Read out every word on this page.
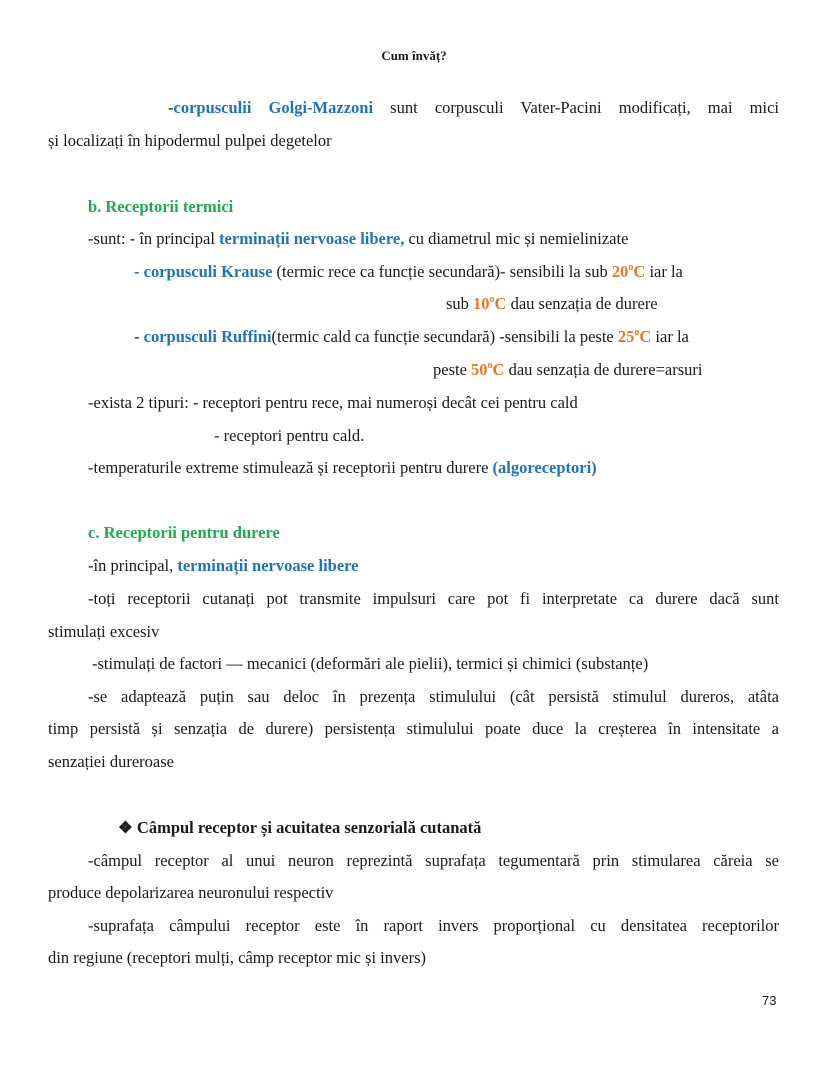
Cum învăț?
-corpusculii Golgi-Mazzoni sunt corpusculi Vater-Pacini modificați, mai mici
și localizați în hipodermul pulpei degetelor
b. Receptorii termici
-sunt: - în principal terminații nervoase libere, cu diametrul mic și nemielinizate
- corpusculi Krause (termic rece ca funcție secundară)- sensibili la sub 20$^o$C iar la
sub 10$^o$C dau senzația de durere
- corpusculi Ruffini(termic cald ca funcție secundară) -sensibili la peste 25$^o$C iar la
peste 50$^o$C dau senzația de durere=arsuri
-exista 2 tipuri: - receptori pentru rece, mai numeroși decât cei pentru cald
- receptori pentru cald.
-temperaturile extreme stimulează și receptorii pentru durere (algoreceptori)
c. Receptorii pentru durere
-în principal, terminații nervoase libere
-toți receptorii cutanați pot transmite impulsuri care pot fi interpretate ca durere dacă sunt
stimulați excesiv
-stimulați de factori — mecanici (deformări ale pielii), termici și chimici (substanțe)
-se adaptează puțin sau deloc în prezența stimulului (cât persistă stimulul dureros, atâta
timp persistă și senzația de durere) persistența stimulului poate duce la creșterea în intensitate a
senzației dureroase
❖ Câmpul receptor și acuitatea senzorială cutanată
-câmpul receptor al unui neuron reprezintă suprafața tegumentară prin stimularea căreia se
produce depolarizarea neuronului respectiv
-suprafața câmpului receptor este în raport invers proporțional cu densitatea receptorilor
din regiune (receptori mulți, câmp receptor mic și invers)
73
